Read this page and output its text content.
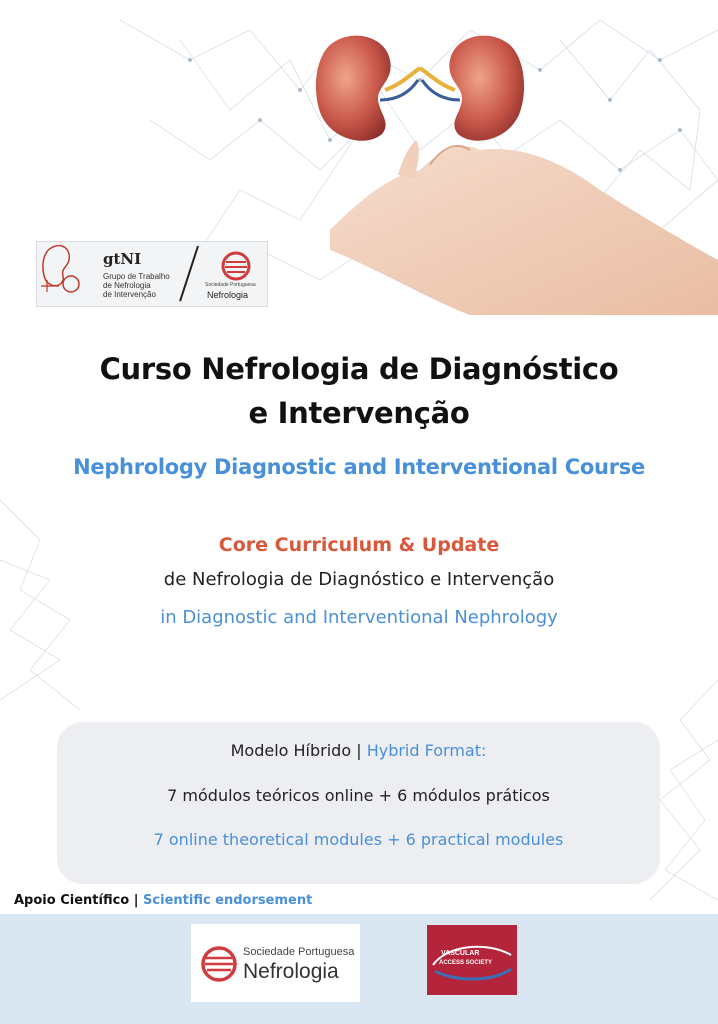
gtNI
Grupo de Trabalho
de Nefrologia
de Intervenção
Sociedade Portuguesa
Nefrologia
Curso Nefrologia de Diagnóstico
e Intervenção
Nephrology Diagnostic and Interventional Course
Core Curriculum & Update
de Nefrologia de Diagnóstico e Intervenção
in Diagnostic and Interventional Nephrology
Modelo Híbrido | Hybrid Format:
7 módulos teóricos online + 6 módulos práticos
7 online theoretical modules + 6 practical modules
Apoio Científico | Scientific endorsement
Sociedade Portuguesa
Nefrologia
VASCULAR
ACCESS SOCIETY
